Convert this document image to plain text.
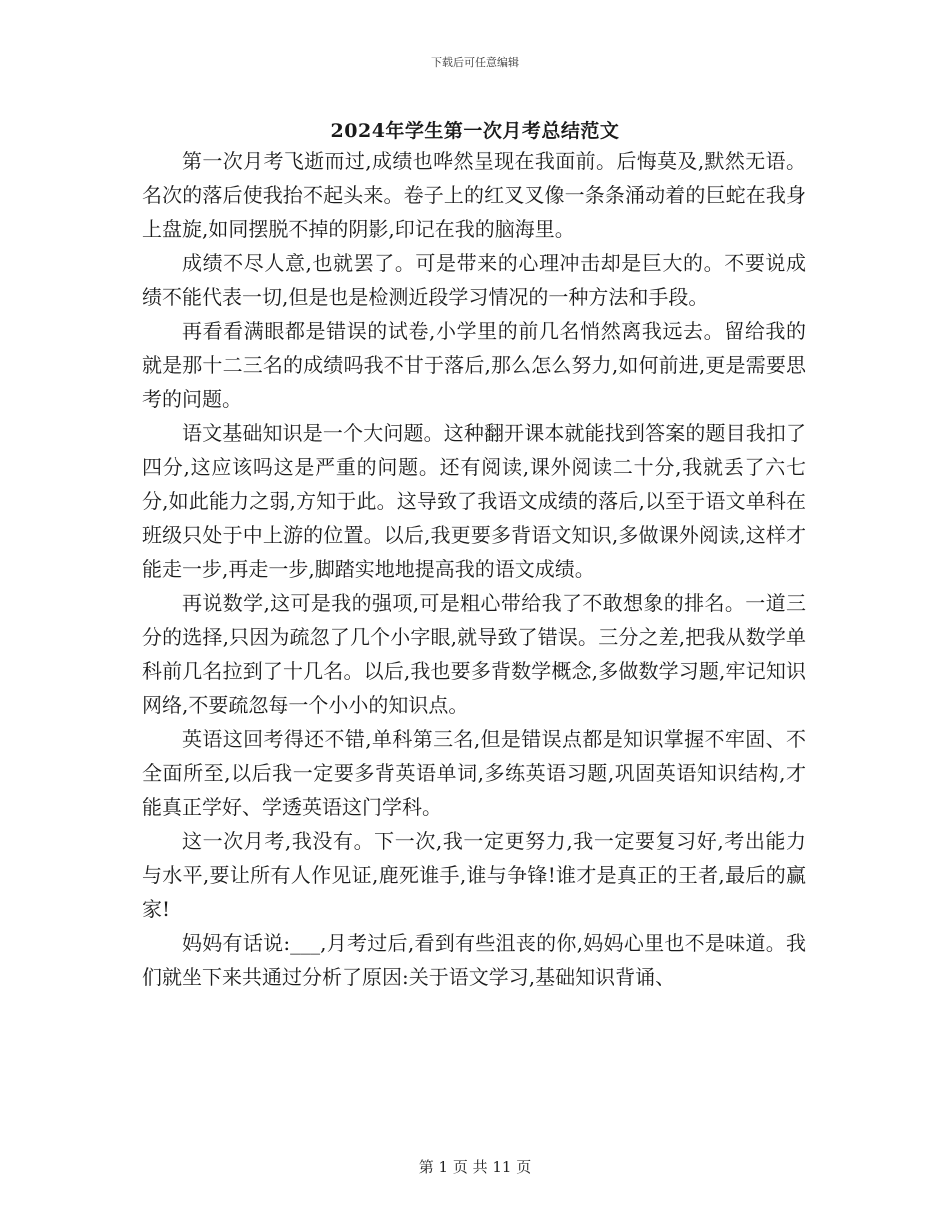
下载后可任意编辑
2024年学生第一次月考总结范文

第一次月考飞逝而过,成绩也哗然呈现在我面前。后悔莫及,默然无语。名次的落后使我抬不起头来。卷子上的红叉叉像一条条涌动着的巨蛇在我身上盘旋,如同摆脱不掉的阴影,印记在我的脑海里。

成绩不尽人意,也就罢了。可是带来的心理冲击却是巨大的。不要说成绩不能代表一切,但是也是检测近段学习情况的一种方法和手段。

再看看满眼都是错误的试卷,小学里的前几名悄然离我远去。留给我的就是那十二三名的成绩吗我不甘于落后,那么怎么努力,如何前进,更是需要思考的问题。

语文基础知识是一个大问题。这种翻开课本就能找到答案的题目我扣了四分,这应该吗这是严重的问题。还有阅读,课外阅读二十分,我就丢了六七分,如此能力之弱,方知于此。这导致了我语文成绩的落后,以至于语文单科在班级只处于中上游的位置。以后,我更要多背语文知识,多做课外阅读,这样才能走一步,再走一步,脚踏实地地提高我的语文成绩。

再说数学,这可是我的强项,可是粗心带给我了不敢想象的排名。一道三分的选择,只因为疏忽了几个小字眼,就导致了错误。三分之差,把我从数学单科前几名拉到了十几名。以后,我也要多背数学概念,多做数学习题,牢记知识网络,不要疏忽每一个小小的知识点。

英语这回考得还不错,单科第三名,但是错误点都是知识掌握不牢固、不全面所至,以后我一定要多背英语单词,多练英语习题,巩固英语知识结构,才能真正学好、学透英语这门学科。

这一次月考,我没有。下一次,我一定更努力,我一定要复习好,考出能力与水平,要让所有人作见证,鹿死谁手,谁与争锋!谁才是真正的王者,最后的赢家!

妈妈有话说:___,月考过后,看到有些沮丧的你,妈妈心里也不是味道。我们就坐下来共通过分析了原因:关于语文学习,基础知识背诵、

第 1 页 共 11 页
